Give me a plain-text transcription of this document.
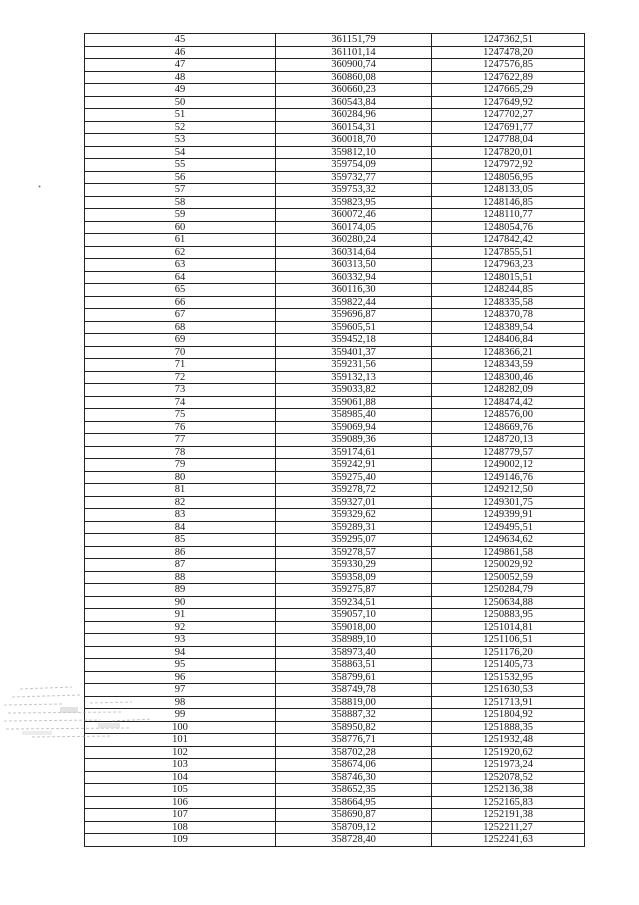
45	361151,79	1247362,51
46	361101,14	1247478,20
47	360900,74	1247576,85
48	360860,08	1247622,89
49	360660,23	1247665,29
50	360543,84	1247649,92
51	360284,96	1247702,27
52	360154,31	1247691,77
53	360018,70	1247788,04
54	359812,10	1247820,01
55	359754,09	1247972,92
56	359732,77	1248056,95
57	359753,32	1248133,05
58	359823,95	1248146,85
59	360072,46	1248110,77
60	360174,05	1248054,76
61	360280,24	1247842,42
62	360314,64	1247855,51
63	360313,50	1247963,23
64	360332,94	1248015,51
65	360116,30	1248244,85
66	359822,44	1248335,58
67	359696,87	1248370,78
68	359605,51	1248389,54
69	359452,18	1248406,84
70	359401,37	1248366,21
71	359231,56	1248343,59
72	359132,13	1248300,46
73	359033,82	1248282,09
74	359061,88	1248474,42
75	358985,40	1248576,00
76	359069,94	1248669,76
77	359089,36	1248720,13
78	359174,61	1248779,57
79	359242,91	1249002,12
80	359275,40	1249146,76
81	359278,72	1249212,50
82	359327,01	1249301,75
83	359329,62	1249399,91
84	359289,31	1249495,51
85	359295,07	1249634,62
86	359278,57	1249861,58
87	359330,29	1250029,92
88	359358,09	1250052,59
89	359275,87	1250284,79
90	359234,51	1250634,88
91	359057,10	1250883,95
92	359018,00	1251014,81
93	358989,10	1251106,51
94	358973,40	1251176,20
95	358863,51	1251405,73
96	358799,61	1251532,95
97	358749,78	1251630,53
98	358819,00	1251713,91
99	358887,32	1251804,92
100	358950,82	1251888,35
101	358776,71	1251932,48
102	358702,28	1251920,62
103	358674,06	1251973,24
104	358746,30	1252078,52
105	358652,35	1252136,38
106	358664,95	1252165,83
107	358690,87	1252191,38
108	358709,12	1252211,27
109	358728,40	1252241,63
